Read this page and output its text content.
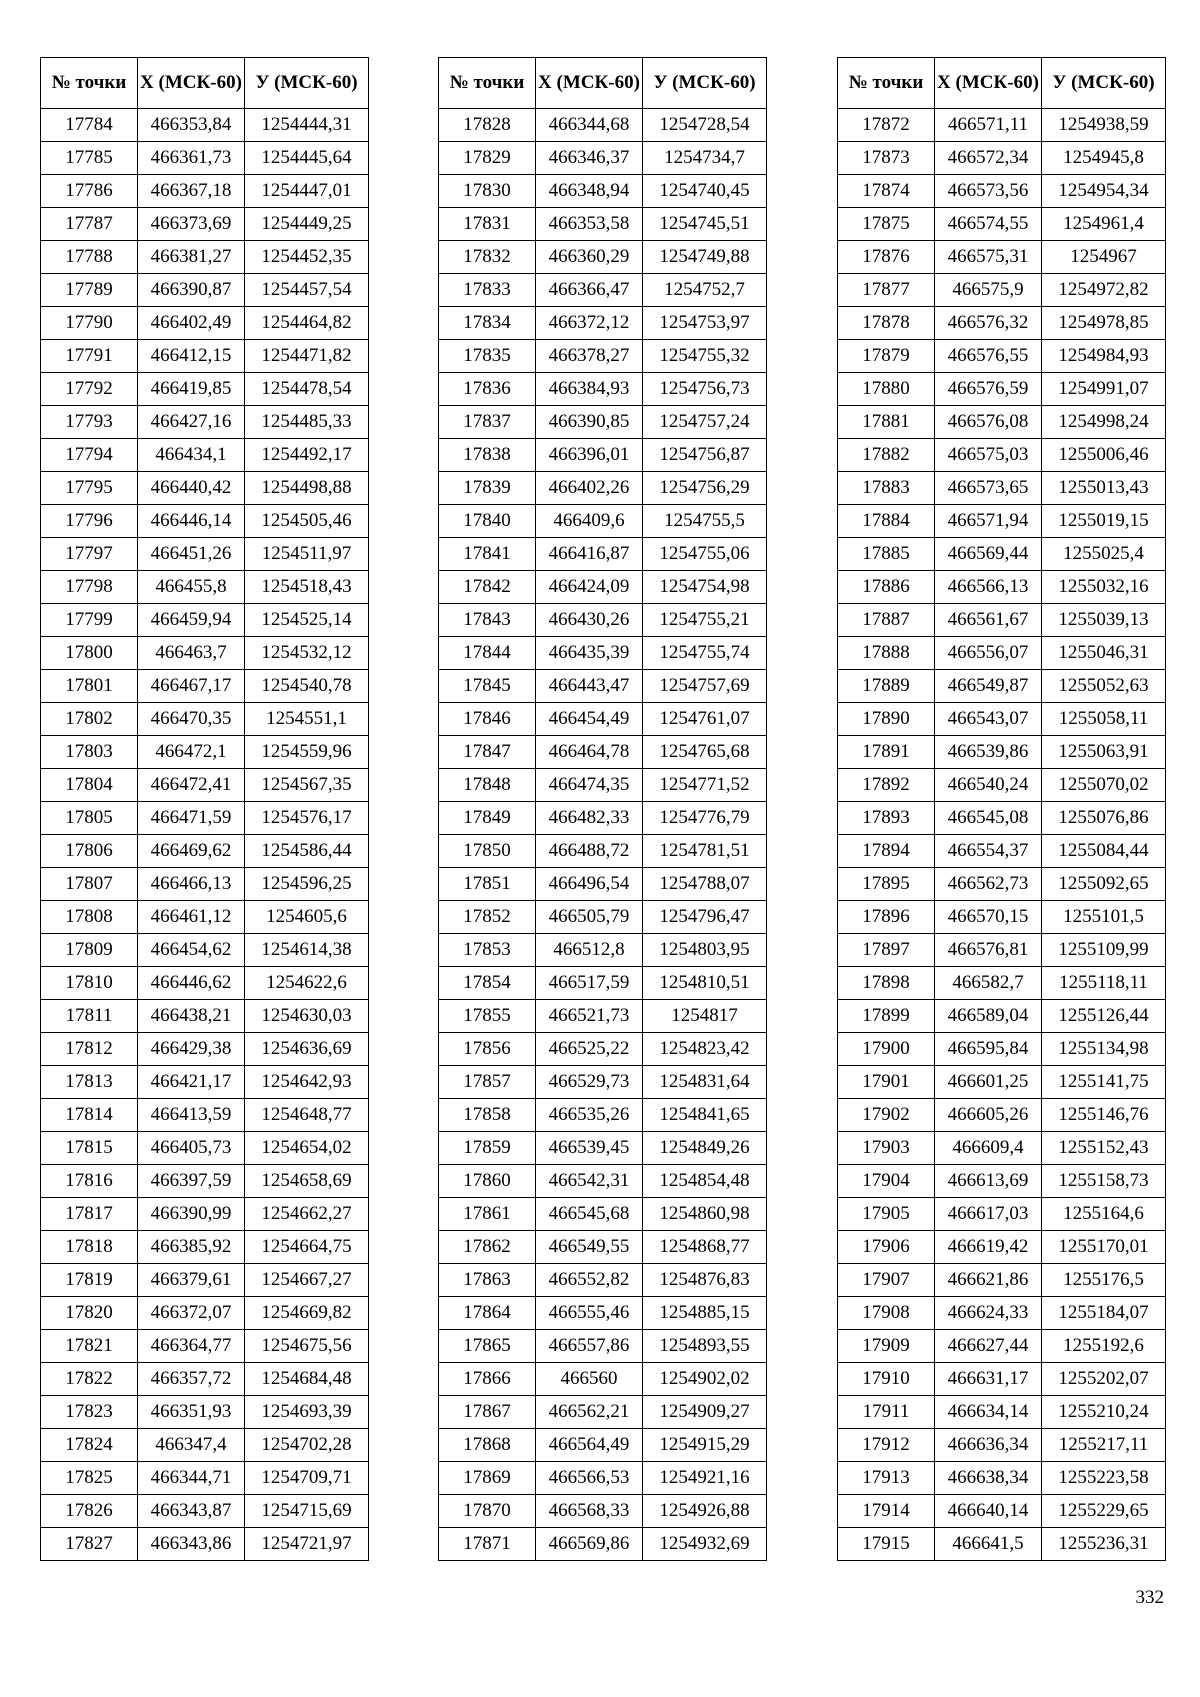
№ точки	X (МСК-60)	У (МСК-60)
17784	466353,84	1254444,31
17785	466361,73	1254445,64
17786	466367,18	1254447,01
17787	466373,69	1254449,25
17788	466381,27	1254452,35
17789	466390,87	1254457,54
17790	466402,49	1254464,82
17791	466412,15	1254471,82
17792	466419,85	1254478,54
17793	466427,16	1254485,33
17794	466434,1	1254492,17
17795	466440,42	1254498,88
17796	466446,14	1254505,46
17797	466451,26	1254511,97
17798	466455,8	1254518,43
17799	466459,94	1254525,14
17800	466463,7	1254532,12
17801	466467,17	1254540,78
17802	466470,35	1254551,1
17803	466472,1	1254559,96
17804	466472,41	1254567,35
17805	466471,59	1254576,17
17806	466469,62	1254586,44
17807	466466,13	1254596,25
17808	466461,12	1254605,6
17809	466454,62	1254614,38
17810	466446,62	1254622,6
17811	466438,21	1254630,03
17812	466429,38	1254636,69
17813	466421,17	1254642,93
17814	466413,59	1254648,77
17815	466405,73	1254654,02
17816	466397,59	1254658,69
17817	466390,99	1254662,27
17818	466385,92	1254664,75
17819	466379,61	1254667,27
17820	466372,07	1254669,82
17821	466364,77	1254675,56
17822	466357,72	1254684,48
17823	466351,93	1254693,39
17824	466347,4	1254702,28
17825	466344,71	1254709,71
17826	466343,87	1254715,69
17827	466343,86	1254721,97
№ точки	X (МСК-60)	У (МСК-60)
17828	466344,68	1254728,54
17829	466346,37	1254734,7
17830	466348,94	1254740,45
17831	466353,58	1254745,51
17832	466360,29	1254749,88
17833	466366,47	1254752,7
17834	466372,12	1254753,97
17835	466378,27	1254755,32
17836	466384,93	1254756,73
17837	466390,85	1254757,24
17838	466396,01	1254756,87
17839	466402,26	1254756,29
17840	466409,6	1254755,5
17841	466416,87	1254755,06
17842	466424,09	1254754,98
17843	466430,26	1254755,21
17844	466435,39	1254755,74
17845	466443,47	1254757,69
17846	466454,49	1254761,07
17847	466464,78	1254765,68
17848	466474,35	1254771,52
17849	466482,33	1254776,79
17850	466488,72	1254781,51
17851	466496,54	1254788,07
17852	466505,79	1254796,47
17853	466512,8	1254803,95
17854	466517,59	1254810,51
17855	466521,73	1254817
17856	466525,22	1254823,42
17857	466529,73	1254831,64
17858	466535,26	1254841,65
17859	466539,45	1254849,26
17860	466542,31	1254854,48
17861	466545,68	1254860,98
17862	466549,55	1254868,77
17863	466552,82	1254876,83
17864	466555,46	1254885,15
17865	466557,86	1254893,55
17866	466560	1254902,02
17867	466562,21	1254909,27
17868	466564,49	1254915,29
17869	466566,53	1254921,16
17870	466568,33	1254926,88
17871	466569,86	1254932,69
№ точки	X (МСК-60)	У (МСК-60)
17872	466571,11	1254938,59
17873	466572,34	1254945,8
17874	466573,56	1254954,34
17875	466574,55	1254961,4
17876	466575,31	1254967
17877	466575,9	1254972,82
17878	466576,32	1254978,85
17879	466576,55	1254984,93
17880	466576,59	1254991,07
17881	466576,08	1254998,24
17882	466575,03	1255006,46
17883	466573,65	1255013,43
17884	466571,94	1255019,15
17885	466569,44	1255025,4
17886	466566,13	1255032,16
17887	466561,67	1255039,13
17888	466556,07	1255046,31
17889	466549,87	1255052,63
17890	466543,07	1255058,11
17891	466539,86	1255063,91
17892	466540,24	1255070,02
17893	466545,08	1255076,86
17894	466554,37	1255084,44
17895	466562,73	1255092,65
17896	466570,15	1255101,5
17897	466576,81	1255109,99
17898	466582,7	1255118,11
17899	466589,04	1255126,44
17900	466595,84	1255134,98
17901	466601,25	1255141,75
17902	466605,26	1255146,76
17903	466609,4	1255152,43
17904	466613,69	1255158,73
17905	466617,03	1255164,6
17906	466619,42	1255170,01
17907	466621,86	1255176,5
17908	466624,33	1255184,07
17909	466627,44	1255192,6
17910	466631,17	1255202,07
17911	466634,14	1255210,24
17912	466636,34	1255217,11
17913	466638,34	1255223,58
17914	466640,14	1255229,65
17915	466641,5	1255236,31
332
